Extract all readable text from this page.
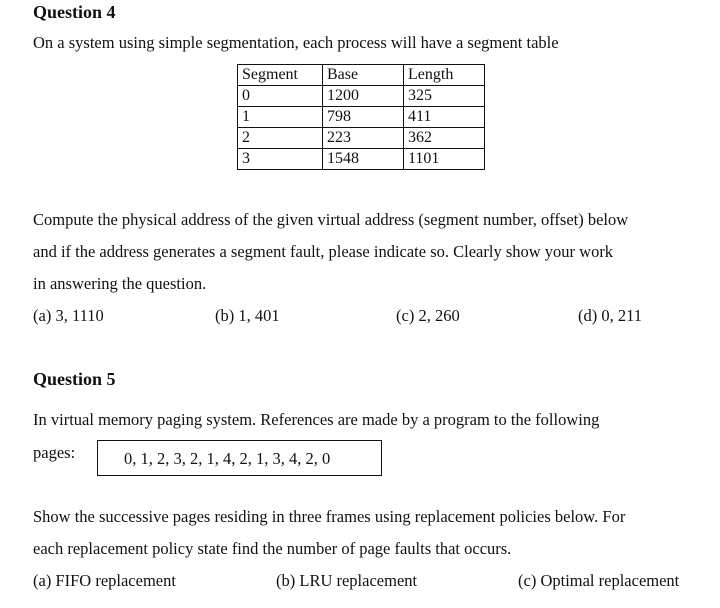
Question 4
On a system using simple segmentation, each process will have a segment table
Segment	Base	Length
0	1200	325
1	798	411
2	223	362
3	1548	1101
Compute the physical address of the given virtual address (segment number, offset) below
and if the address generates a segment fault, please indicate so. Clearly show your work
in answering the question.
(a) 3, 1110	(b) 1, 401	(c) 2, 260	(d) 0, 211
Question 5
In virtual memory paging system. References are made by a program to the following
pages:	0, 1, 2, 3, 2, 1, 4, 2, 1, 3, 4, 2, 0
Show the successive pages residing in three frames using replacement policies below. For
each replacement policy state find the number of page faults that occurs.
(a) FIFO replacement	(b) LRU replacement	(c) Optimal replacement
